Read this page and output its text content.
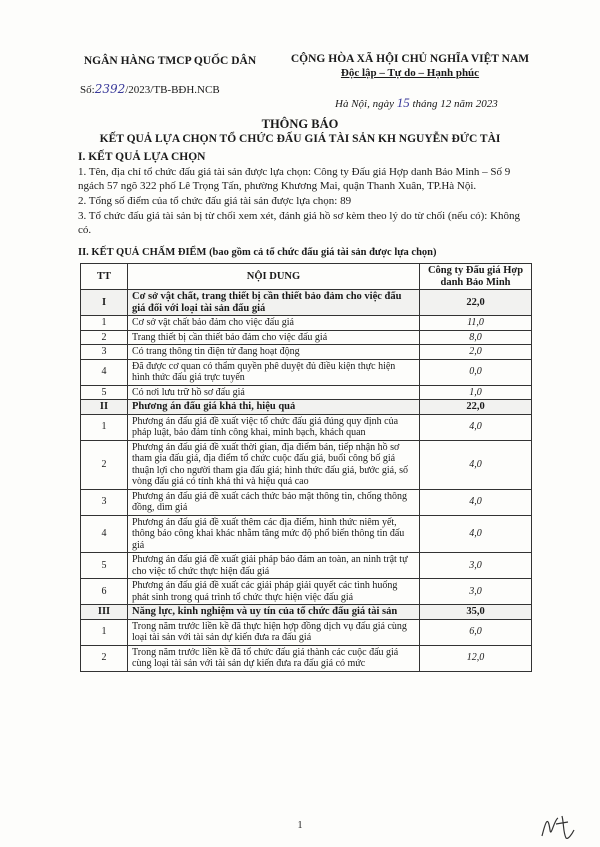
NGÂN HÀNG TMCP QUỐC DÂN	CỘNG HÒA XÃ HỘI CHỦ NGHĨA VIỆT NAM
Độc lập – Tự do – Hạnh phúc
Số:2392/2023/TB-BĐH.NCB
Hà Nội, ngày 15 tháng 12 năm 2023
THÔNG BÁO
KẾT QUẢ LỰA CHỌN TỔ CHỨC ĐẤU GIÁ TÀI SẢN KH NGUYỄN ĐỨC TÀI
I. KẾT QUẢ LỰA CHỌN
1. Tên, địa chỉ tổ chức đấu giá tài sản được lựa chọn: Công ty Đấu giá Hợp danh Bảo Minh – Số 9 ngách 57 ngõ 322 phố Lê Trọng Tấn, phường Khương Mai, quận Thanh Xuân, TP.Hà Nội.
2. Tổng số điểm của tổ chức đấu giá tài sản được lựa chọn: 89
3. Tổ chức đấu giá tài sản bị từ chối xem xét, đánh giá hồ sơ kèm theo lý do từ chối (nếu có): Không có.
II. KẾT QUẢ CHẤM ĐIỂM (bao gồm cả tổ chức đấu giá tài sản được lựa chọn)
TT	NỘI DUNG	Công ty Đấu giá Hợp danh Bảo Minh
I	Cơ sở vật chất, trang thiết bị cần thiết bảo đảm cho việc đấu giá đối với loại tài sản đấu giá	22,0
1	Cơ sở vật chất bảo đảm cho việc đấu giá	11,0
2	Trang thiết bị cần thiết bảo đảm cho việc đấu giá	8,0
3	Có trang thông tin điện tử đang hoạt động	2,0
4	Đã được cơ quan có thẩm quyền phê duyệt đủ điều kiện thực hiện hình thức đấu giá trực tuyến	0,0
5	Có nơi lưu trữ hồ sơ đấu giá	1,0
II	Phương án đấu giá khả thi, hiệu quả	22,0
1	Phương án đấu giá đề xuất việc tổ chức đấu giá đúng quy định của pháp luật, bảo đảm tính công khai, minh bạch, khách quan	4,0
2	Phương án đấu giá đề xuất thời gian, địa điểm bán, tiếp nhận hồ sơ tham gia đấu giá, địa điểm tổ chức cuộc đấu giá, buổi công bố giá thuận lợi cho người tham gia đấu giá; hình thức đấu giá, bước giá, số vòng đấu giá có tính khả thi và hiệu quả cao	4,0
3	Phương án đấu giá đề xuất cách thức bảo mật thông tin, chống thông đồng, dìm giá	4,0
4	Phương án đấu giá đề xuất thêm các địa điểm, hình thức niêm yết, thông báo công khai khác nhằm tăng mức độ phổ biến thông tin đấu giá	4,0
5	Phương án đấu giá đề xuất giải pháp bảo đảm an toàn, an ninh trật tự cho việc tổ chức thực hiện đấu giá	3,0
6	Phương án đấu giá đề xuất các giải pháp giải quyết các tình huống phát sinh trong quá trình tổ chức thực hiện việc đấu giá	3,0
III	Năng lực, kinh nghiệm và uy tín của tổ chức đấu giá tài sản	35,0
1	Trong năm trước liền kề đã thực hiện hợp đồng dịch vụ đấu giá cùng loại tài sản với tài sản dự kiến đưa ra đấu giá	6,0
2	Trong năm trước liền kề đã tổ chức đấu giá thành các cuộc đấu giá cùng loại tài sản với tài sản dự kiến đưa ra đấu giá có mức	12,0
1
